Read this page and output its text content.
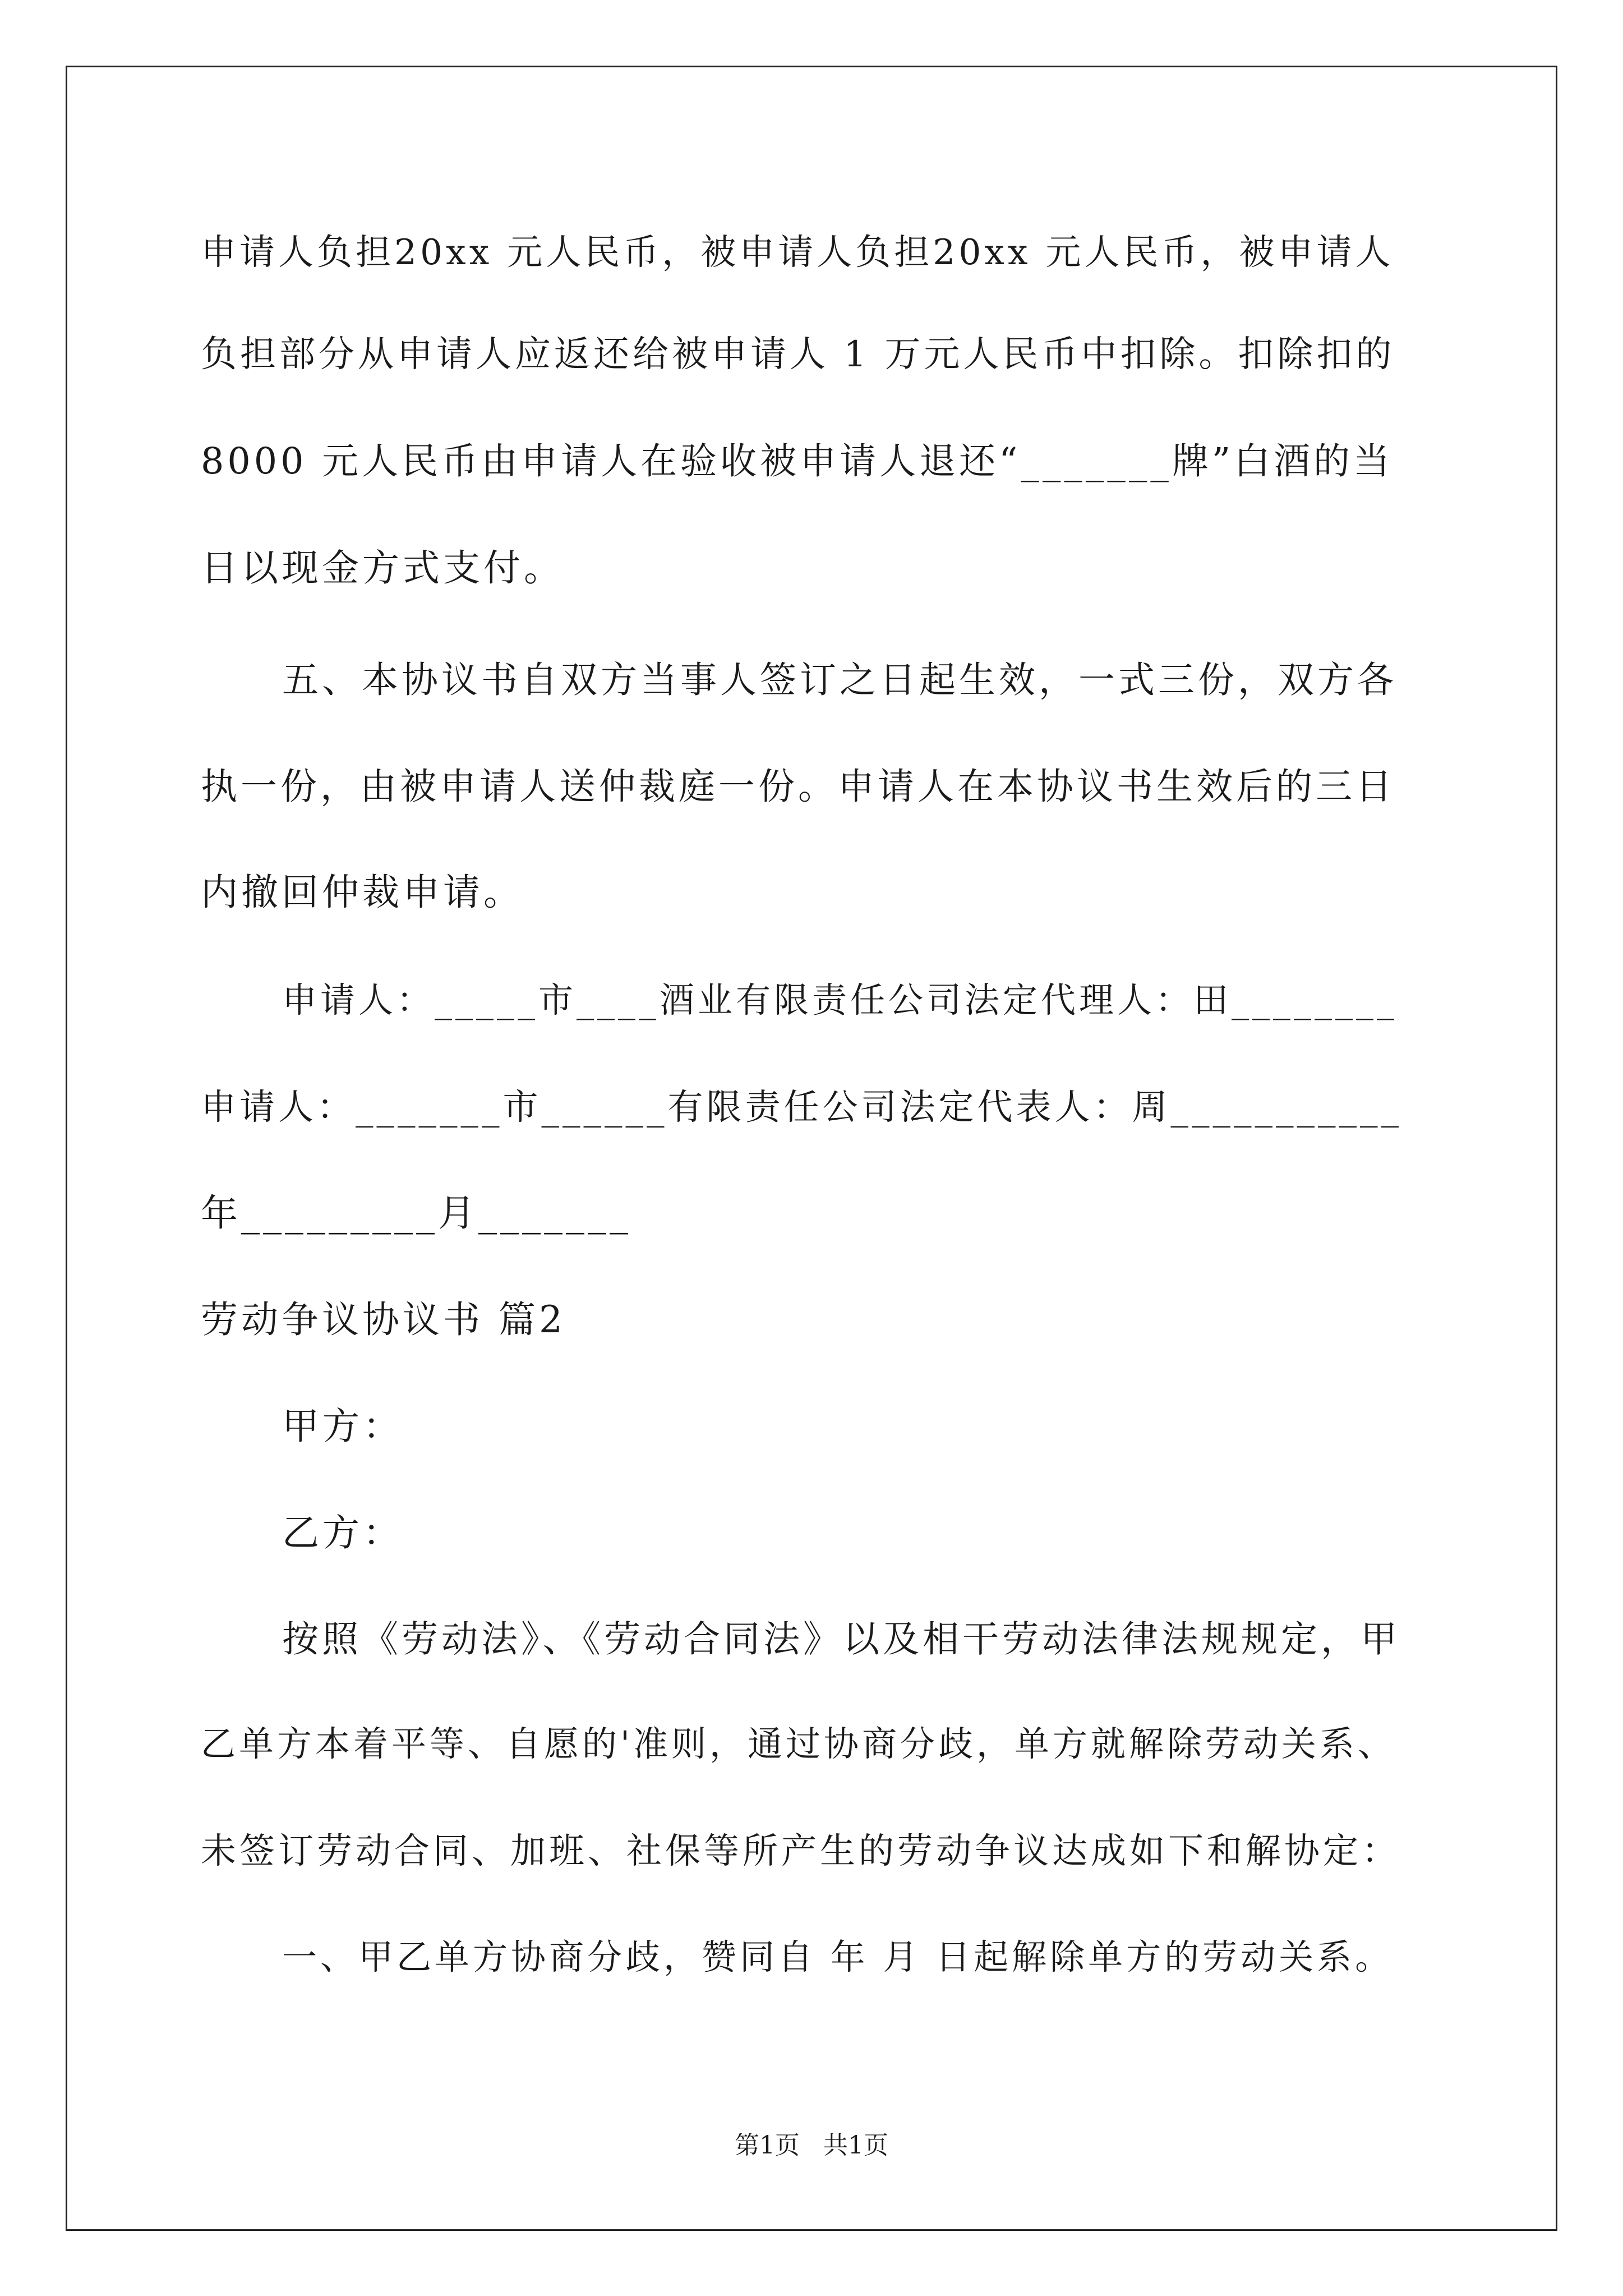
申请人负担20xx 元人民币，被申请人负担20xx 元人民币，被申请人
负担部分从申请人应返还给被申请人 1 万元人民币中扣除。扣除扣的
8000 元人民币由申请人在验收被申请人退还“_______牌”白酒的当
日以现金方式支付。
五、本协议书自双方当事人签订之日起生效，一式三份，双方各
执一份，由被申请人送仲裁庭一份。申请人在本协议书生效后的三日
内撤回仲裁申请。
申请人：_____市____酒业有限责任公司法定代理人：田________
申请人：_______市______有限责任公司法定代表人：周___________
年_________月_______
劳动争议协议书 篇2
甲方：
乙方：
按照《劳动法》、《劳动合同法》以及相干劳动法律法规规定，甲
乙单方本着平等、自愿的'准则，通过协商分歧，单方就解除劳动关系、
未签订劳动合同、加班、社保等所产生的劳动争议达成如下和解协定：
一、甲乙单方协商分歧，赞同自 年 月 日起解除单方的劳动关系。
第1页 共1页
